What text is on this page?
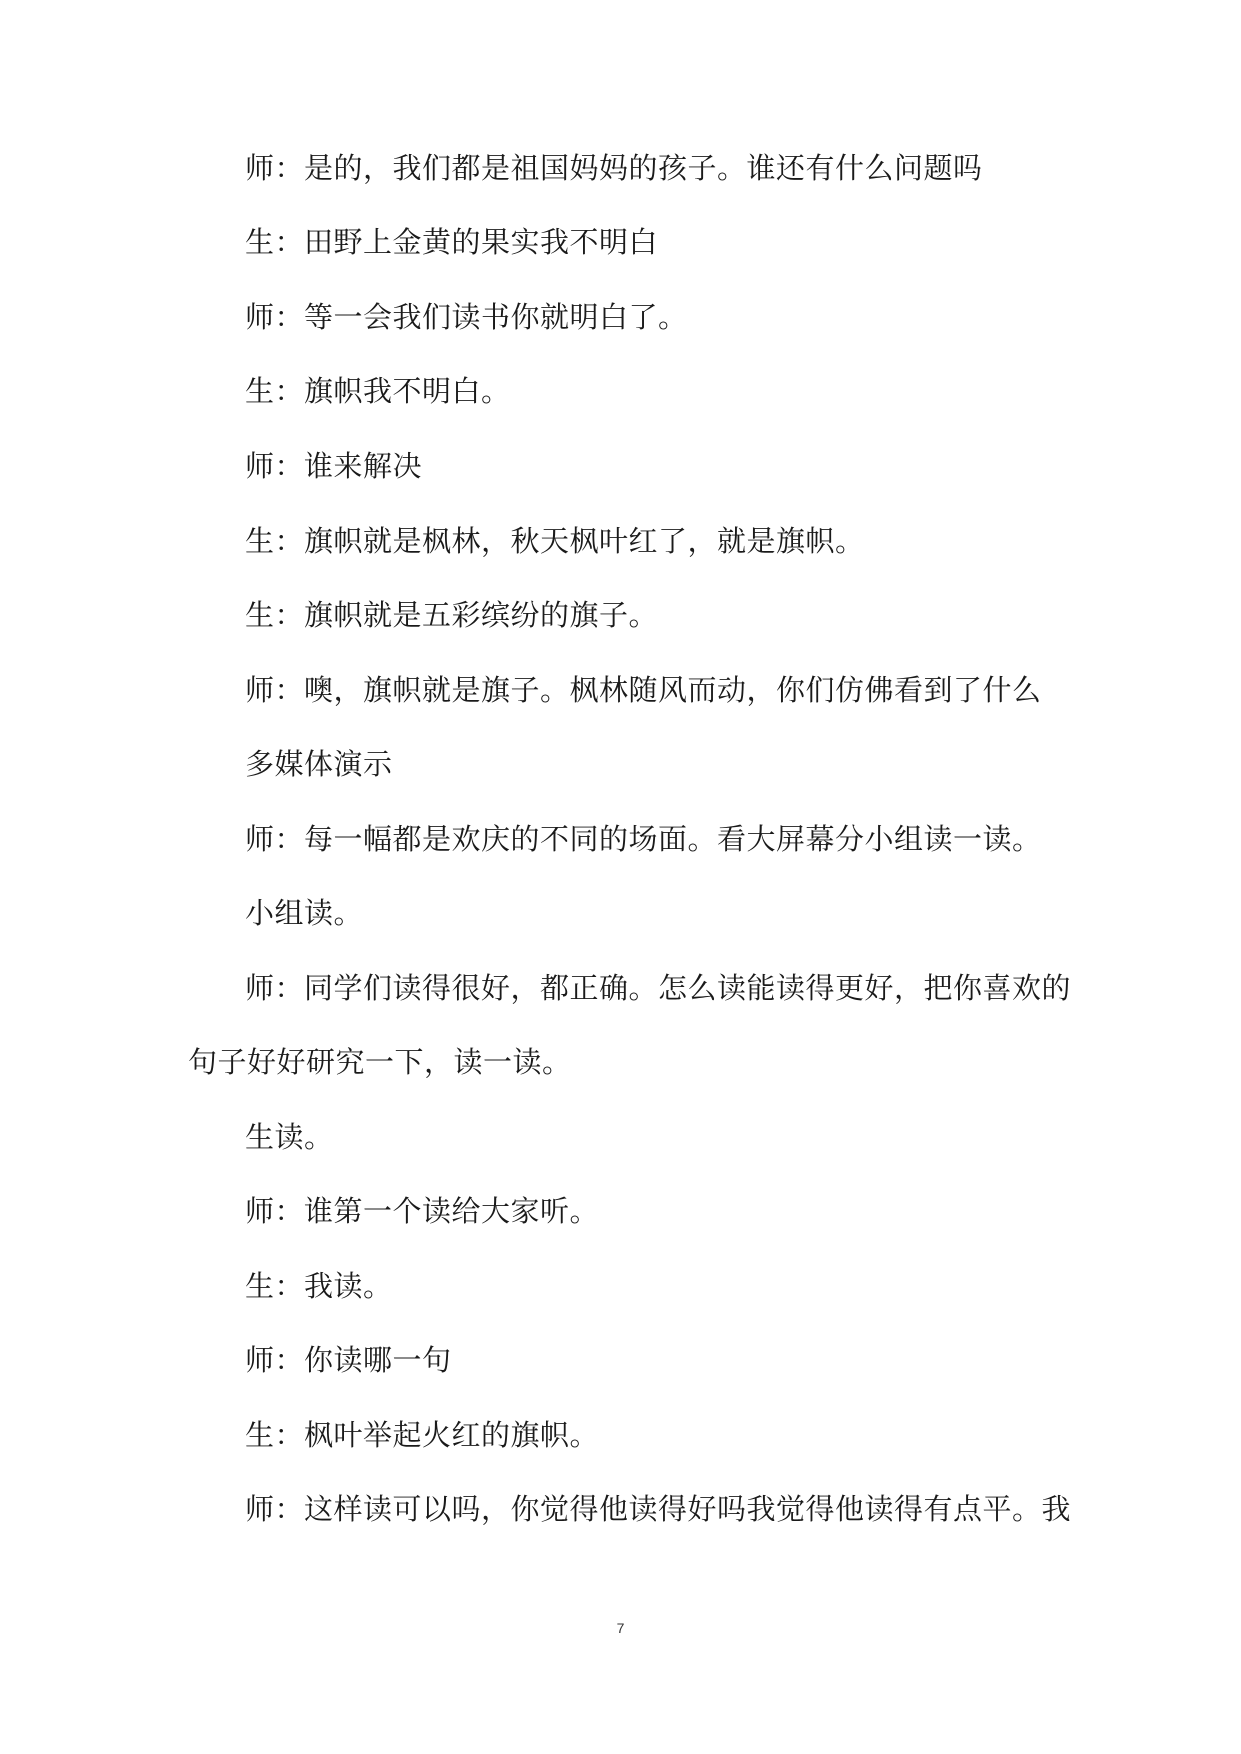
师：是的，我们都是祖国妈妈的孩子。谁还有什么问题吗
生：田野上金黄的果实我不明白
师：等一会我们读书你就明白了。
生：旗帜我不明白。
师：谁来解决
生：旗帜就是枫林，秋天枫叶红了，就是旗帜。
生：旗帜就是五彩缤纷的旗子。
师：噢，旗帜就是旗子。枫林随风而动，你们仿佛看到了什么
多媒体演示
师：每一幅都是欢庆的不同的场面。看大屏幕分小组读一读。
小组读。
师：同学们读得很好，都正确。怎么读能读得更好，把你喜欢的
句子好好研究一下，读一读。
生读。
师：谁第一个读给大家听。
生：我读。
师：你读哪一句
生：枫叶举起火红的旗帜。
师：这样读可以吗，你觉得他读得好吗我觉得他读得有点平。我
7
